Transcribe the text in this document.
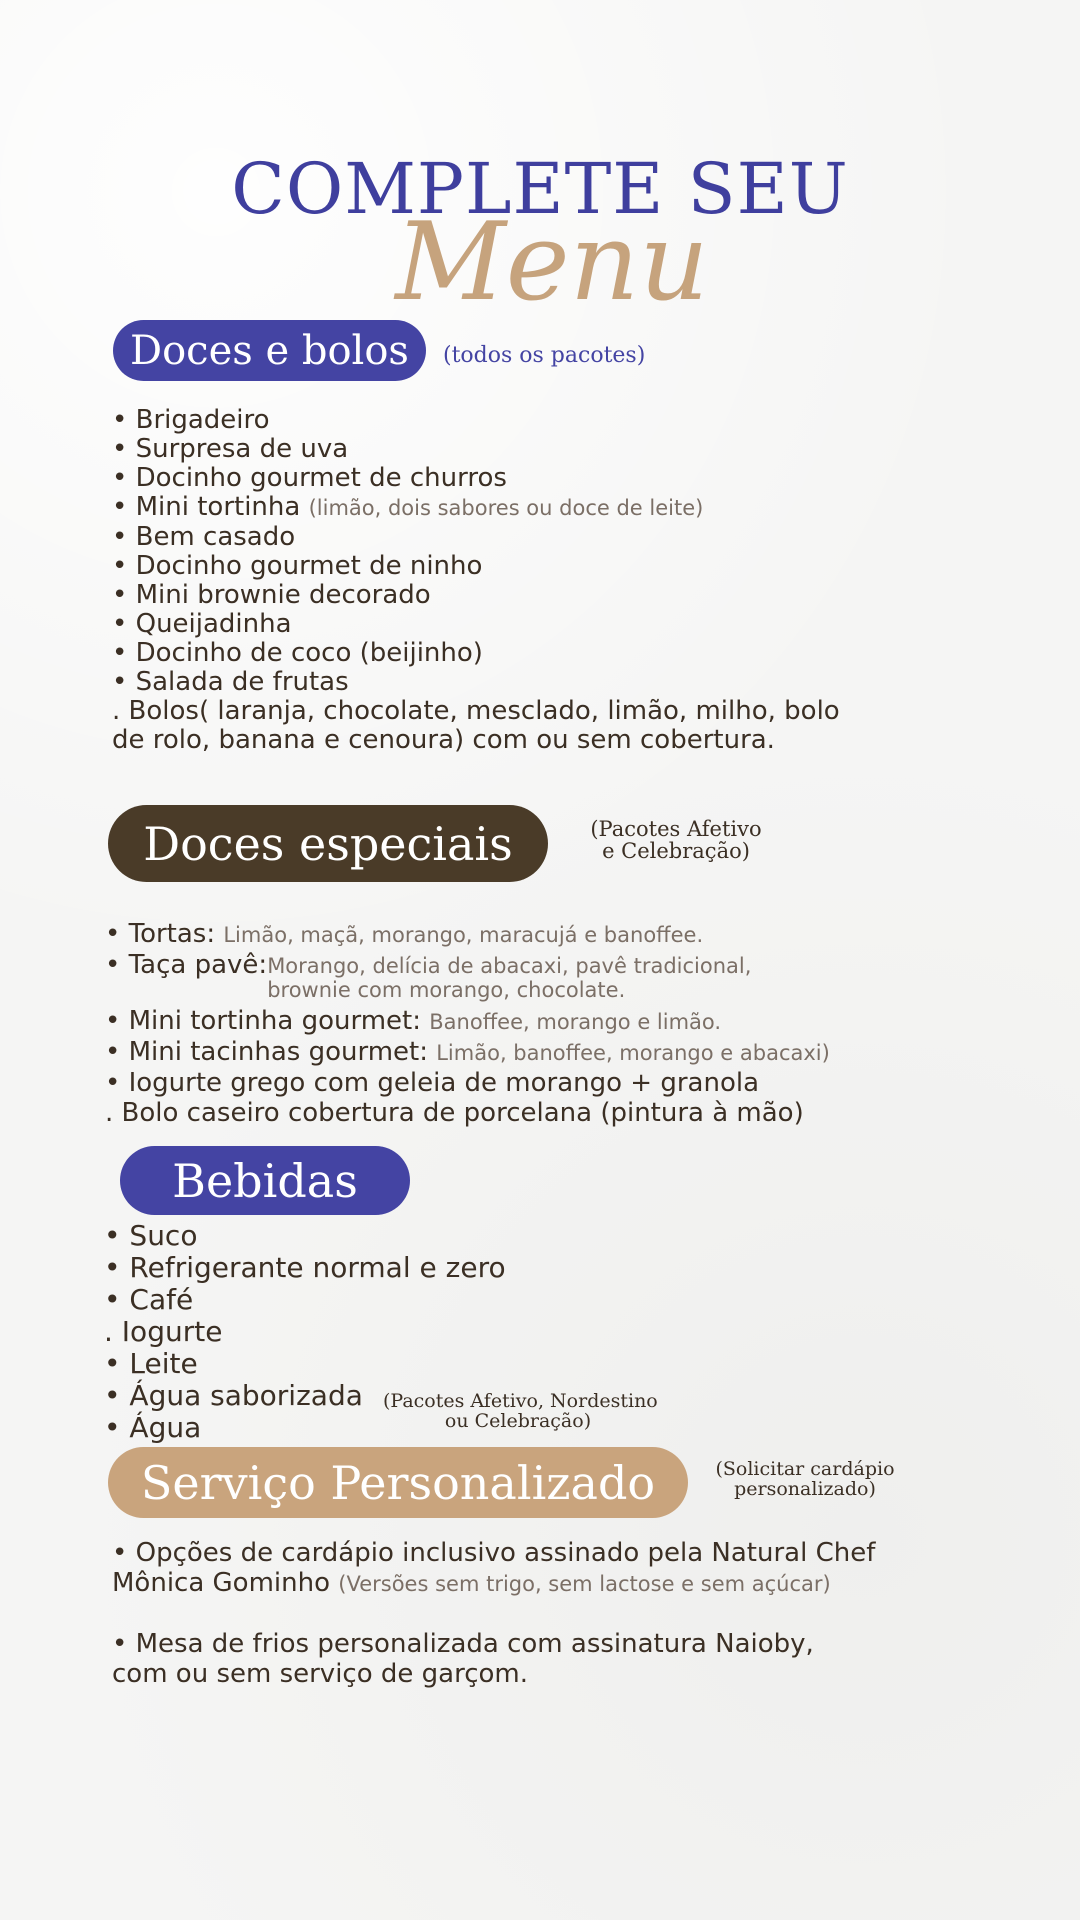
COMPLETE SEU
Menu
Doces e bolos	(todos os pacotes)
• Brigadeiro
• Surpresa de uva
• Docinho gourmet de churros
• Mini tortinha (limão, dois sabores ou doce de leite)
• Bem casado
• Docinho gourmet de ninho
• Mini brownie decorado
• Queijadinha
• Docinho de coco (beijinho)
• Salada de frutas
. Bolos( laranja, chocolate, mesclado, limão, milho, bolo
de rolo, banana e cenoura) com ou sem cobertura.
Doces especiais	(Pacotes Afetivo
e Celebração)
• Tortas: Limão, maçã, morango, maracujá e banoffee.
• Taça pavê: Morango, delícia de abacaxi, pavê tradicional,
brownie com morango, chocolate.
• Mini tortinha gourmet: Banoffee, morango e limão.
• Mini tacinhas gourmet: Limão, banoffee, morango e abacaxi)
• Iogurte grego com geleia de morango + granola
. Bolo caseiro cobertura de porcelana (pintura à mão)
Bebidas
• Suco
• Refrigerante normal e zero
• Café
. Iogurte
• Leite
• Água saborizada
• Água
(Pacotes Afetivo, Nordestino
ou Celebração)
Serviço Personalizado	(Solicitar cardápio
personalizado)
• Opções de cardápio inclusivo assinado pela Natural Chef
Mônica Gominho (Versões sem trigo, sem lactose e sem açúcar)
• Mesa de frios personalizada com assinatura Naioby,
com ou sem serviço de garçom.
